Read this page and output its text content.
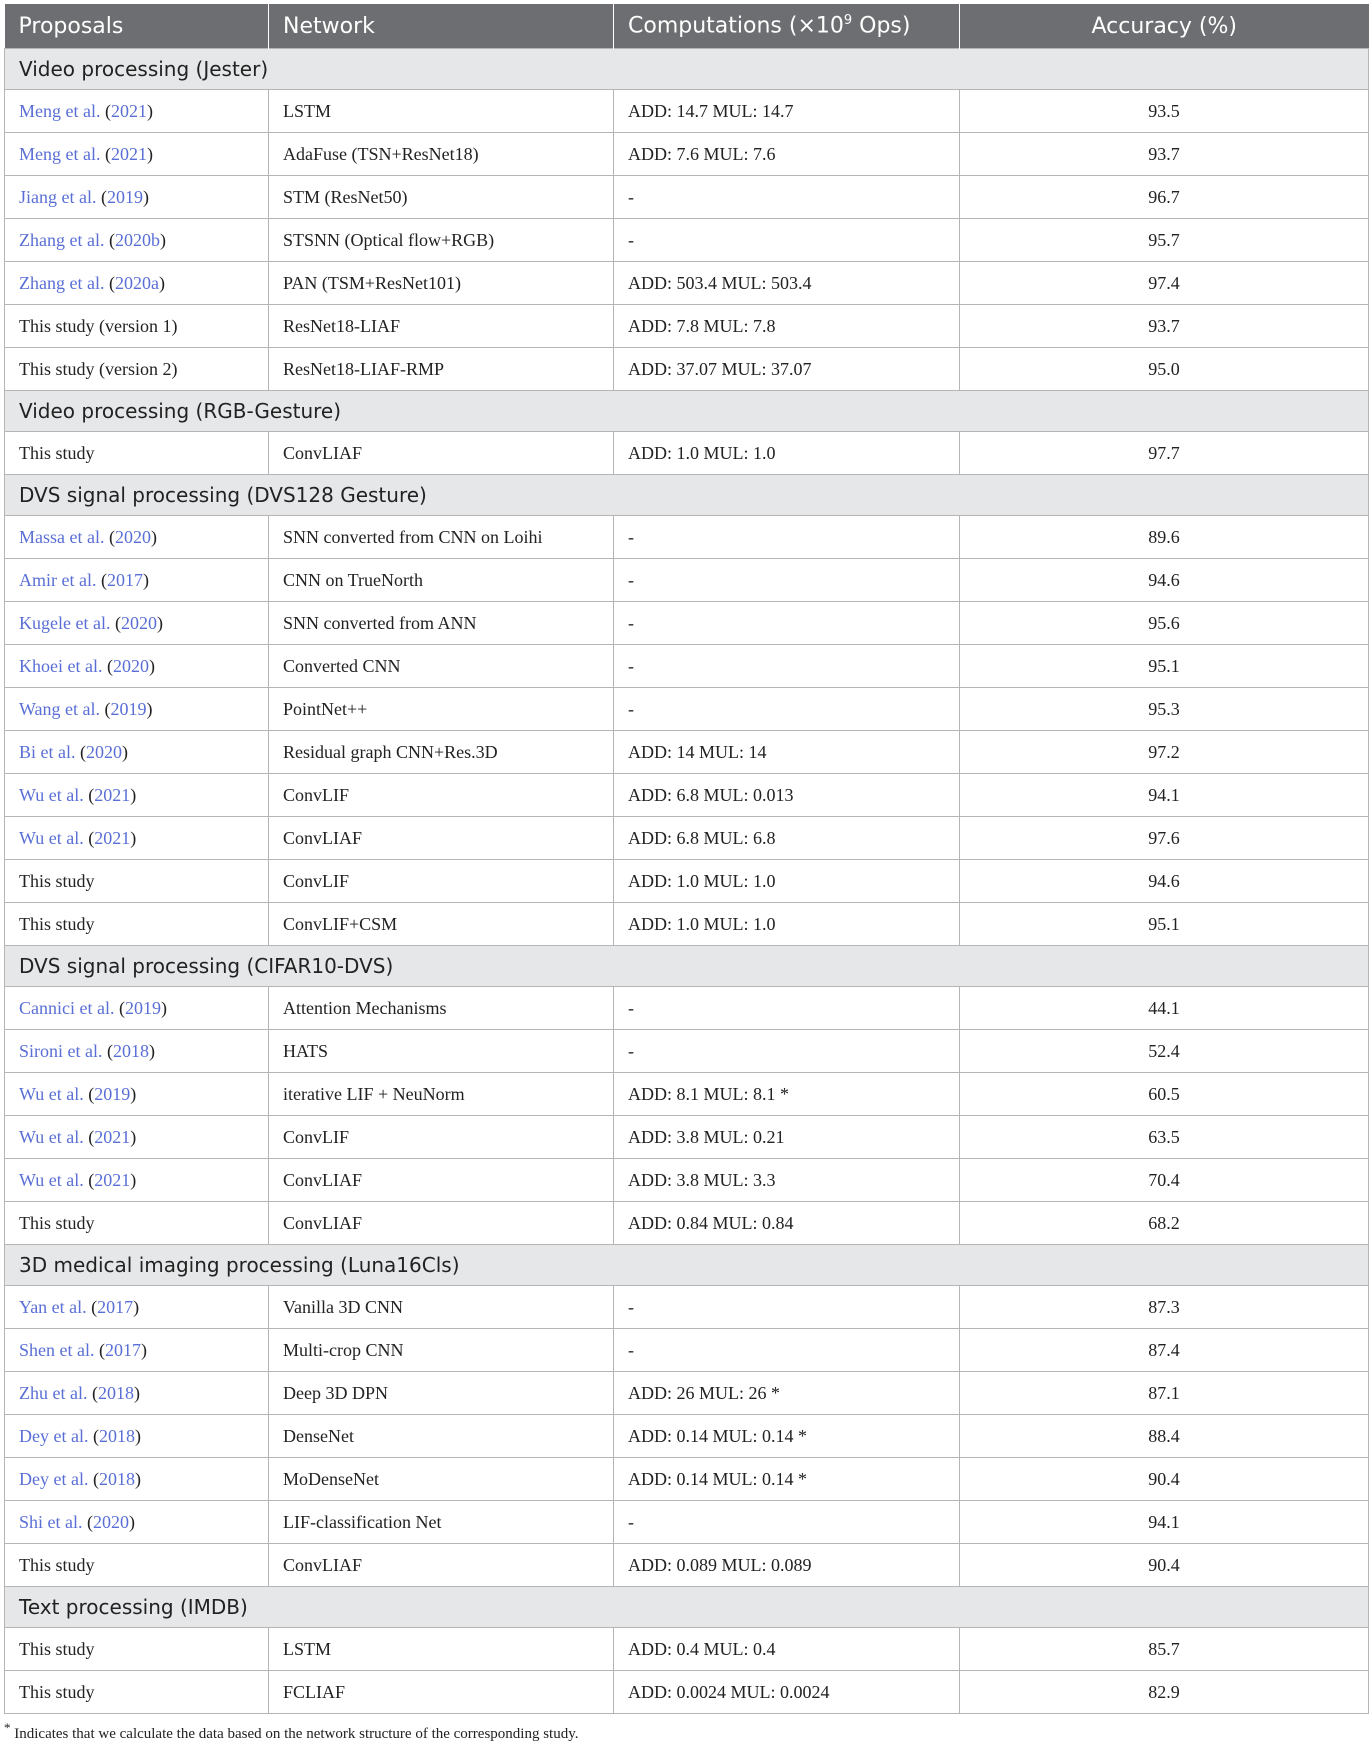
Proposals	Network	Computations ($\times 10^9$ Ops)	Accuracy (%)
Video processing (Jester)			
Meng et al. (2021)	LSTM	ADD: 14.7 MUL: 14.7	93.5
Meng et al. (2021)	AdaFuse (TSN+ResNet18)	ADD: 7.6 MUL: 7.6	93.7
Jiang et al. (2019)	STM (ResNet50)	-	96.7
Zhang et al. (2020b)	STSNN (Optical flow+RGB)	-	95.7
Zhang et al. (2020a)	PAN (TSM+ResNet101)	ADD: 503.4 MUL: 503.4	97.4
This study (version 1)	ResNet18-LIAF	ADD: 7.8 MUL: 7.8	93.7
This study (version 2)	ResNet18-LIAF-RMP	ADD: 37.07 MUL: 37.07	95.0
Video processing (RGB-Gesture)			
This study	ConvLIAF	ADD: 1.0 MUL: 1.0	97.7
DVS signal processing (DVS128 Gesture)			
Massa et al. (2020)	SNN converted from CNN on Loihi	-	89.6
Amir et al. (2017)	CNN on TrueNorth	-	94.6
Kugele et al. (2020)	SNN converted from ANN	-	95.6
Khoei et al. (2020)	Converted CNN	-	95.1
Wang et al. (2019)	PointNet++	-	95.3
Bi et al. (2020)	Residual graph CNN+Res.3D	ADD: 14 MUL: 14	97.2
Wu et al. (2021)	ConvLIF	ADD: 6.8 MUL: 0.013	94.1
Wu et al. (2021)	ConvLIAF	ADD: 6.8 MUL: 6.8	97.6
This study	ConvLIF	ADD: 1.0 MUL: 1.0	94.6
This study	ConvLIF+CSM	ADD: 1.0 MUL: 1.0	95.1
DVS signal processing (CIFAR10-DVS)			
Cannici et al. (2019)	Attention Mechanisms	-	44.1
Sironi et al. (2018)	HATS	-	52.4
Wu et al. (2019)	iterative LIF + NeuNorm	ADD: 8.1 MUL: 8.1 *	60.5
Wu et al. (2021)	ConvLIF	ADD: 3.8 MUL: 0.21	63.5
Wu et al. (2021)	ConvLIAF	ADD: 3.8 MUL: 3.3	70.4
This study	ConvLIAF	ADD: 0.84 MUL: 0.84	68.2
3D medical imaging processing (Luna16Cls)			
Yan et al. (2017)	Vanilla 3D CNN	-	87.3
Shen et al. (2017)	Multi-crop CNN	-	87.4
Zhu et al. (2018)	Deep 3D DPN	ADD: 26 MUL: 26 *	87.1
Dey et al. (2018)	DenseNet	ADD: 0.14 MUL: 0.14 *	88.4
Dey et al. (2018)	MoDenseNet	ADD: 0.14 MUL: 0.14 *	90.4
Shi et al. (2020)	LIF-classification Net	-	94.1
This study	ConvLIAF	ADD: 0.089 MUL: 0.089	90.4
Text processing (IMDB)			
This study	LSTM	ADD: 0.4 MUL: 0.4	85.7
This study	FCLIAF	ADD: 0.0024 MUL: 0.0024	82.9
* Indicates that we calculate the data based on the network structure of the corresponding study.
